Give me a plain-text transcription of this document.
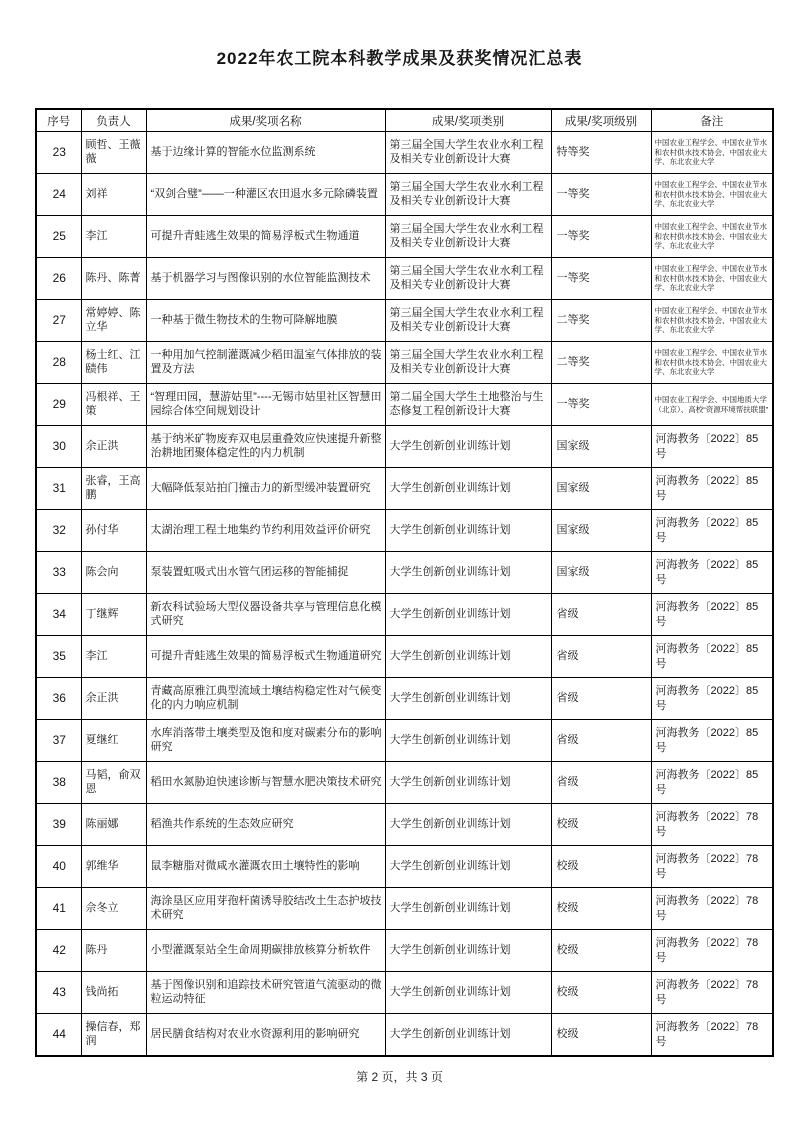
2022年农工院本科教学成果及获奖情况汇总表
序号	负责人	成果/奖项名称	成果/奖项类别	成果/奖项级别	备注

23	顾哲、王薇薇	基于边缘计算的智能水位监测系统	第三届全国大学生农业水利工程及相关专业创新设计大赛	特等奖	中国农业工程学会、中国农业节水和农村供水技术协会、中国农业大学、东北农业大学

24	刘祥	“双剑合璧”——一种灌区农田退水多元除磷装置	第三届全国大学生农业水利工程及相关专业创新设计大赛	一等奖	中国农业工程学会、中国农业节水和农村供水技术协会、中国农业大学、东北农业大学

25	李江	可提升青蛙逃生效果的简易浮板式生物通道	第三届全国大学生农业水利工程及相关专业创新设计大赛	一等奖	中国农业工程学会、中国农业节水和农村供水技术协会、中国农业大学、东北农业大学

26	陈丹、陈菁	基于机器学习与图像识别的水位智能监测技术	第三届全国大学生农业水利工程及相关专业创新设计大赛	一等奖	中国农业工程学会、中国农业节水和农村供水技术协会、中国农业大学、东北农业大学

27	常婷婷、陈立华	一种基于微生物技术的生物可降解地膜	第三届全国大学生农业水利工程及相关专业创新设计大赛	二等奖	中国农业工程学会、中国农业节水和农村供水技术协会、中国农业大学、东北农业大学

28	杨士红、江赜伟	一种用加气控制灌溉减少稻田温室气体排放的装置及方法	第三届全国大学生农业水利工程及相关专业创新设计大赛	二等奖	中国农业工程学会、中国农业节水和农村供水技术协会、中国农业大学、东北农业大学

29	冯根祥、王策	“智理田园，慧游姑里”----无锡市姑里社区智慧田园综合体空间规划设计	第二届全国大学生土地整治与生态修复工程创新设计大赛	一等奖	中国农业工程学会、中国地质大学（北京）、高校“资源环境帮扶联盟”

30	余正洪	基于纳米矿物废弃双电层重叠效应快速提升新整治耕地团聚体稳定性的内力机制	大学生创新创业训练计划	国家级	河海教务〔2022〕85号

31	张睿，王高鹏	大幅降低泵站拍门撞击力的新型缓冲装置研究	大学生创新创业训练计划	国家级	河海教务〔2022〕85号

32	孙付华	太湖治理工程土地集约节约利用效益评价研究	大学生创新创业训练计划	国家级	河海教务〔2022〕85号

33	陈会向	泵装置虹吸式出水管气团运移的智能捕捉	大学生创新创业训练计划	国家级	河海教务〔2022〕85号

34	丁继辉	新农科试验场大型仪器设备共享与管理信息化模式研究	大学生创新创业训练计划	省级	河海教务〔2022〕85号

35	李江	可提升青蛙逃生效果的简易浮板式生物通道研究	大学生创新创业训练计划	省级	河海教务〔2022〕85号

36	余正洪	青藏高原雅江典型流域土壤结构稳定性对气候变化的内力响应机制	大学生创新创业训练计划	省级	河海教务〔2022〕85号

37	夏继红	水库消落带土壤类型及饱和度对碳素分布的影响研究	大学生创新创业训练计划	省级	河海教务〔2022〕85号

38	马韬，俞双恩	稻田水氮胁迫快速诊断与智慧水肥决策技术研究	大学生创新创业训练计划	省级	河海教务〔2022〕85号

39	陈丽娜	稻渔共作系统的生态效应研究	大学生创新创业训练计划	校级	河海教务〔2022〕78号

40	郭维华	鼠李糖脂对微咸水灌溉农田土壤特性的影响	大学生创新创业训练计划	校级	河海教务〔2022〕78号

41	佘冬立	海涂垦区应用芽孢杆菌诱导胶结改土生态护坡技术研究	大学生创新创业训练计划	校级	河海教务〔2022〕78号

42	陈丹	小型灌溉泵站全生命周期碳排放核算分析软件	大学生创新创业训练计划	校级	河海教务〔2022〕78号

43	钱尚拓	基于图像识别和追踪技术研究管道气流驱动的微粒运动特征	大学生创新创业训练计划	校级	河海教务〔2022〕78号

44	操信春，郑润	居民膳食结构对农业水资源利用的影响研究	大学生创新创业训练计划	校级	河海教务〔2022〕78号
第 2 页，共 3 页
